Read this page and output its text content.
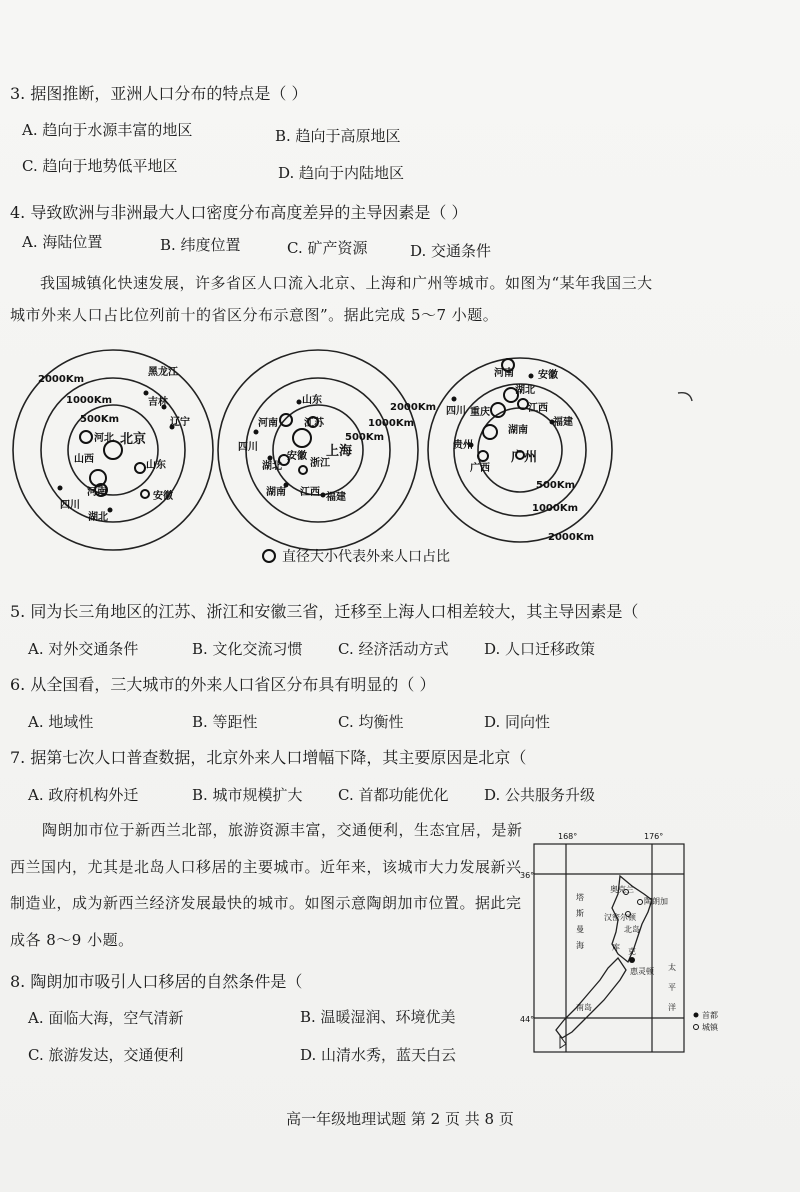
3. 据图推断，亚洲人口分布的特点是（ ）
A. 趋向于水源丰富的地区	B. 趋向于高原地区
C. 趋向于地势低平地区	D. 趋向于内陆地区
4. 导致欧洲与非洲最大人口密度分布高度差异的主导因素是（ ）
A. 海陆位置	B. 纬度位置	C. 矿产资源	D. 交通条件
我国城镇化快速发展，许多省区人口流入北京、上海和广州等城市。如图为“某年我国三大
城市外来人口占比位列前十的省区分布示意图”。据此完成 5～7 小题。
2000Km
1000Km
500Km
黑龙江
吉林
辽宁
河北
山西
山东
河南	安徽
四川
湖北
2000Km
1000Km
500Km
山东
河南	江苏
四川
安徽
湖北	浙江
湖南 江西 福建
500Km
1000Km
2000Km
河南 安徽
湖北
四川 重庆	江西
福建
湖南
贵州
广西
北京
上海	广州
直径大小代表外来人口占比
5. 同为长三角地区的江苏、浙江和安徽三省，迁移至上海人口相差较大，其主导因素是（
A. 对外交通条件	B. 文化交流习惯 C. 经济活动方式 D. 人口迁移政策
6. 从全国看，三大城市的外来人口省区分布具有明显的（ ）
A. 地域性	B. 等距性	C. 均衡性	D. 同向性
7. 据第七次人口普查数据，北京外来人口增幅下降，其主要原因是北京（
A. 政府机构外迁	B. 城市规模扩大 C. 首都功能优化 D. 公共服务升级
陶朗加市位于新西兰北部，旅游资源丰富，交通便利，生态宜居，是新
西兰国内，尤其是北岛人口移居的主要城市。近年来，该城市大力发展新兴
制造业，成为新西兰经济发展最快的城市。如图示意陶朗加市位置。据此完
成各 8～9 小题。
168°	176°
36°
44°
塔
斯
曼
海
太
平
洋
奥克兰
陶朗加
汉密尔顿
北岛
库 克
惠灵顿
南岛
首都
城镇
8. 陶朗加市吸引人口移居的自然条件是（
A. 面临大海，空气清新	B. 温暖湿润、环境优美
C. 旅游发达，交通便利	D. 山清水秀，蓝天白云
高一年级地理试题 第 2 页 共 8 页
